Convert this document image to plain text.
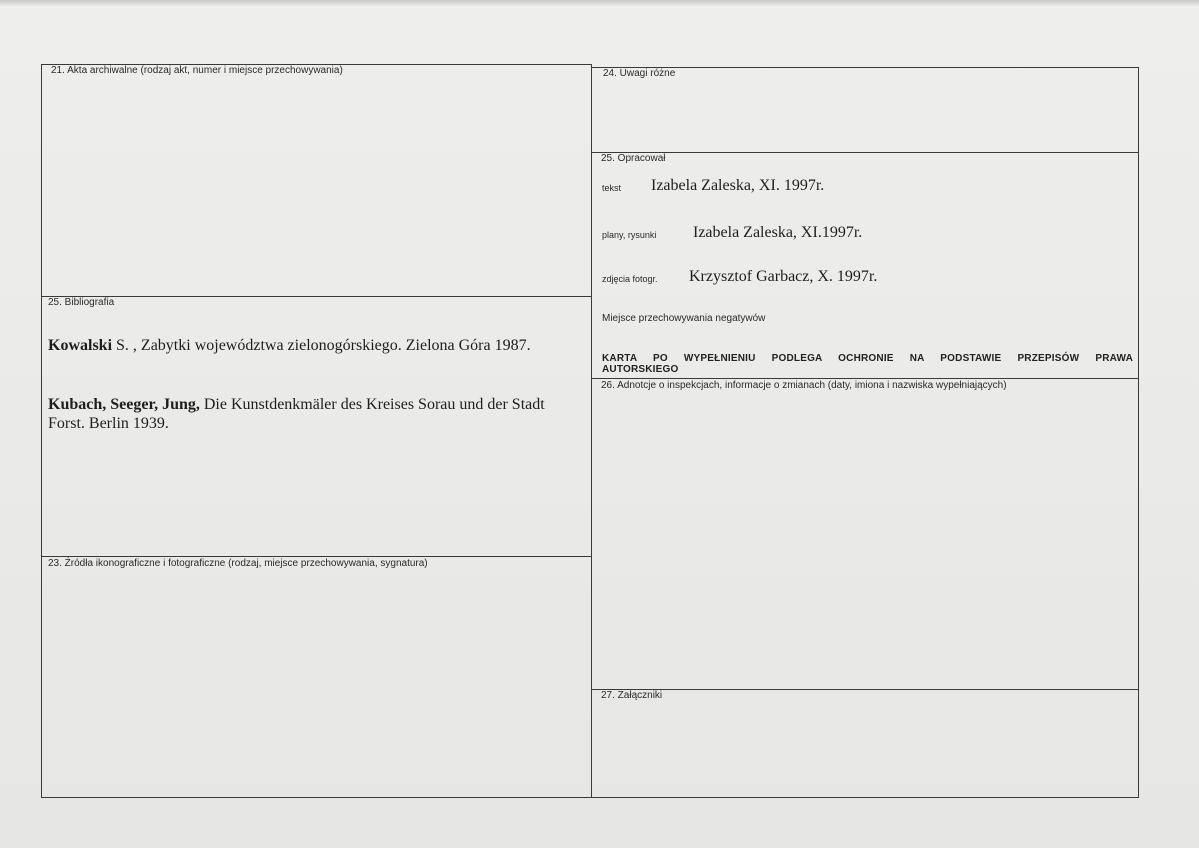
21. Akta archiwalne (rodzaj akt, numer i miejsce przechowywania)	24. Uwagi różne
25. Opracował
25. Bibliografia
23. Źródła ikonograficzne i fotograficzne (rodzaj, miejsce przechowywania, sygnatura)
26. Adnotcje o inspekcjach, informacje o zmianach (daty, imiona i nazwiska wypełniających)
27. Załączniki
tekst Izabela Zaleska, XI. 1997r.
plany, rysunki Izabela Zaleska, XI.1997r.
zdjęcia fotogr. Krzysztof Garbacz, X. 1997r.
Miejsce przechowywania negatywów
KARTA PO WYPEŁNIENIU PODLEGA OCHRONIE NA PODSTAWIE PRZEPISÓW PRAWA
AUTORSKIEGO
Kowalski S. , Zabytki województwa zielonogórskiego. Zielona Góra 1987.
Kubach, Seeger, Jung, Die Kunstdenkmäler des Kreises Sorau und der Stadt
Forst. Berlin 1939.
